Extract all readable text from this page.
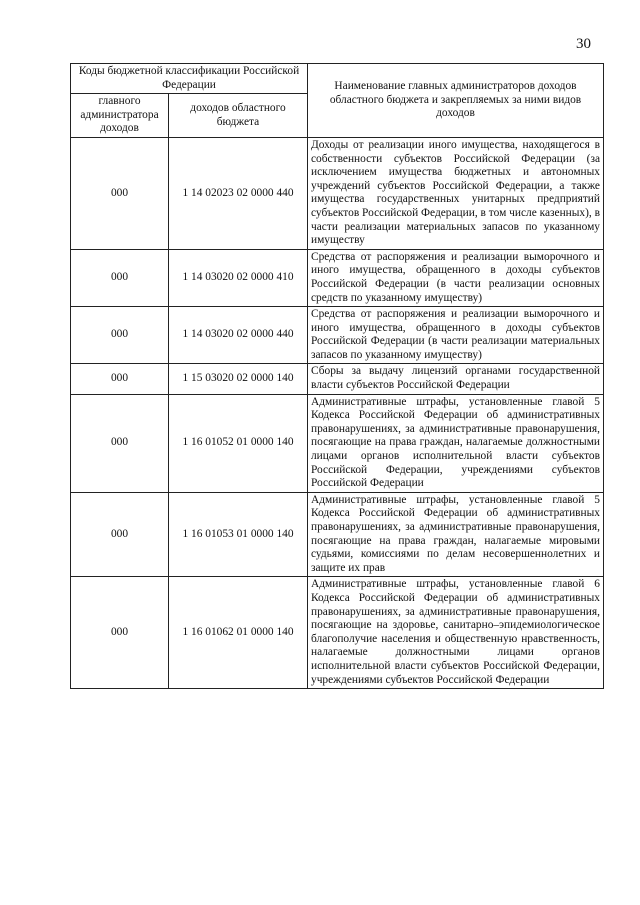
30
Коды бюджетной классификации Российской Федерации		Наименование главных администраторов доходов областного бюджета и закрепляемых за ними видов доходов
главного администратора доходов	доходов областного бюджета	
000	1 14 02023 02 0000 440	Доходы от реализации иного имущества, находящегося в собственности субъектов Российской Федерации (за исключением имущества бюджетных и автономных учреждений субъектов Российской Федерации, а также имущества государственных унитарных предприятий субъектов Российской Федерации, в том числе казенных), в части реализации материальных запасов по указанному имуществу
000	1 14 03020 02 0000 410	Средства от распоряжения и реализации выморочного и иного имущества, обращенного в доходы субъектов Российской Федерации (в части реализации основных средств по указанному имуществу)
000	1 14 03020 02 0000 440	Средства от распоряжения и реализации выморочного и иного имущества, обращенного в доходы субъектов Российской Федерации (в части реализации материальных запасов по указанному имуществу)
000	1 15 03020 02 0000 140	Сборы за выдачу лицензий органами государственной власти субъектов Российской Федерации
000	1 16 01052 01 0000 140	Административные штрафы, установленные главой 5 Кодекса Российской Федерации об административных правонарушениях, за административные правонарушения, посягающие на права граждан, налагаемые должностными лицами органов исполнительной власти субъектов Российской Федерации, учреждениями субъектов Российской Федерации
000	1 16 01053 01 0000 140	Административные штрафы, установленные главой 5 Кодекса Российской Федерации об административных правонарушениях, за административные правонарушения, посягающие на права граждан, налагаемые мировыми судьями, комиссиями по делам несовершеннолетних и защите их прав
000	1 16 01062 01 0000 140	Административные штрафы, установленные главой 6 Кодекса Российской Федерации об административных правонарушениях, за административные правонарушения, посягающие на здоровье, санитарно–эпидемиологическое благополучие населения и общественную нравственность, налагаемые должностными лицами органов исполнительной власти субъектов Российской Федерации, учреждениями субъектов Российской Федерации
